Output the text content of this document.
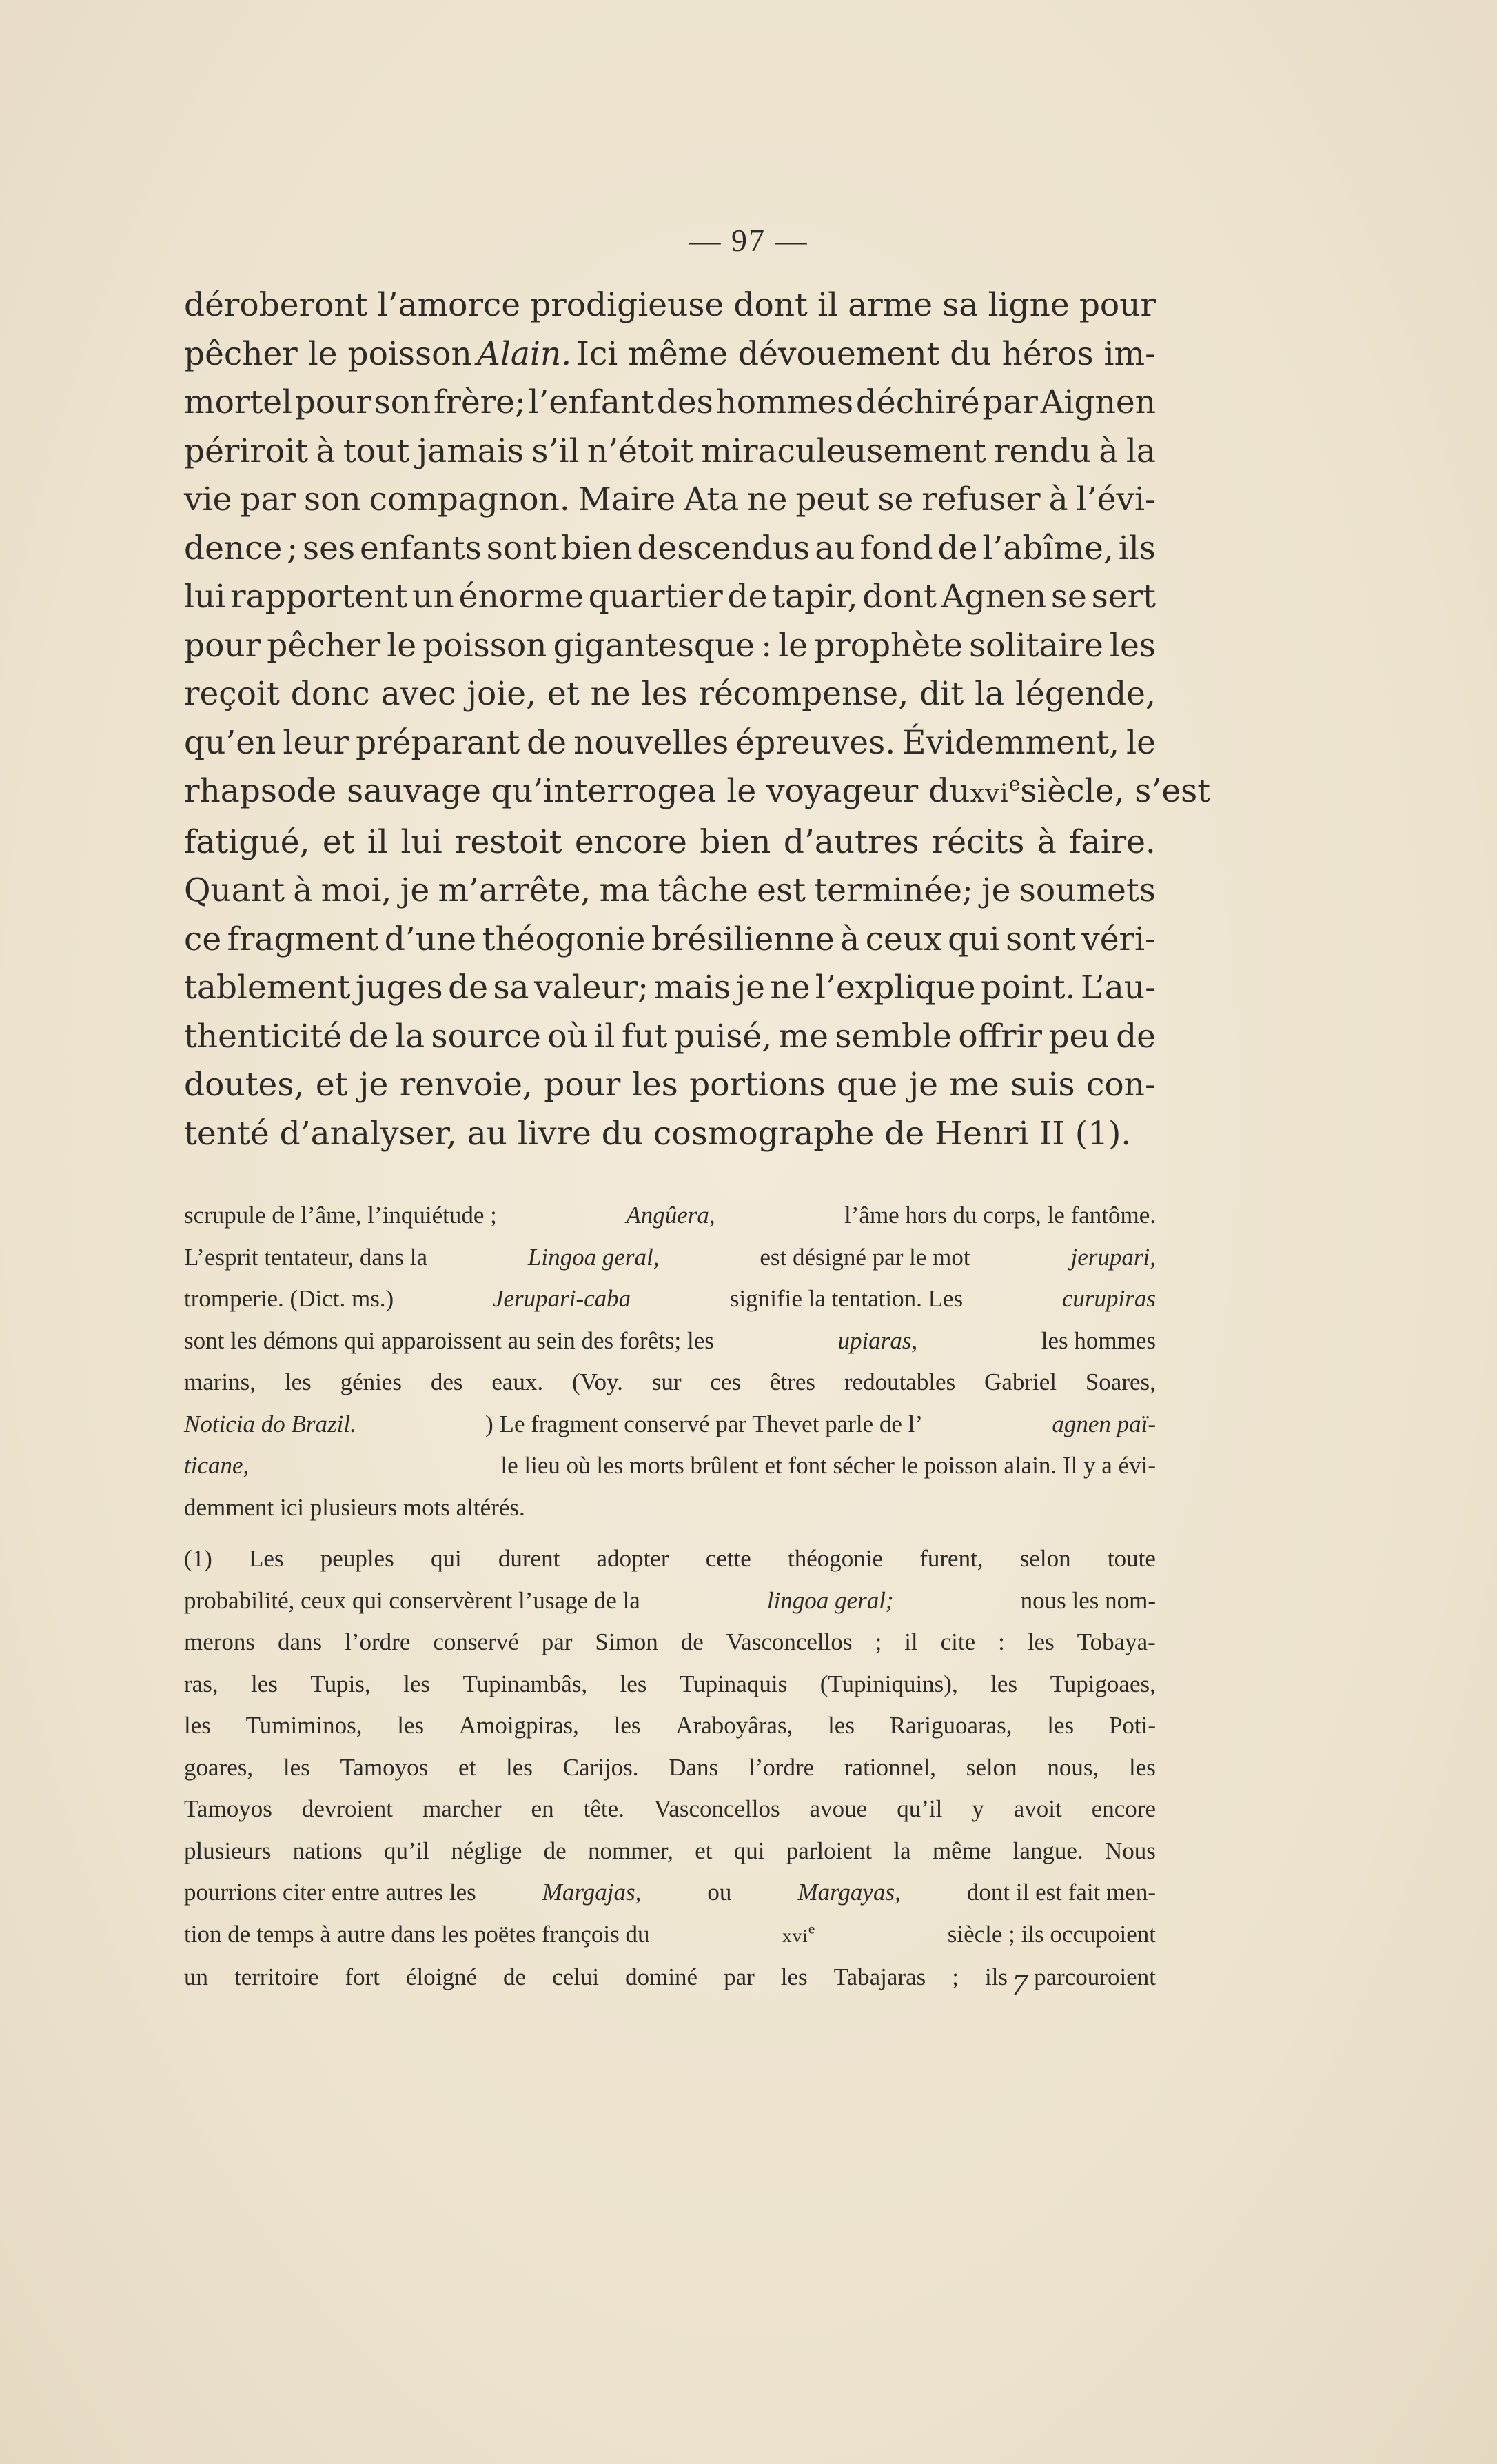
— 97 —
déroberont l’amorce prodigieuse dont il arme sa ligne pour
pêcher le poisson Alain. Ici même dévouement du héros im-
mortel pour son frère; l’enfant des hommes déchiré par Aignen
périroit à tout jamais s’il n’étoit miraculeusement rendu à la
vie par son compagnon. Maire Ata ne peut se refuser à l’évi-
dence ; ses enfants sont bien descendus au fond de l’abîme, ils
lui rapportent un énorme quartier de tapir, dont Agnen se sert
pour pêcher le poisson gigantesque : le prophète solitaire les
reçoit donc avec joie, et ne les récompense, dit la légende,
qu’en leur préparant de nouvelles épreuves. Évidemment, le
rhapsode sauvage qu’interrogea le voyageur du xvi$^e$ siècle, s’est
fatigué, et il lui restoit encore bien d’autres récits à faire.
Quant à moi, je m’arrête, ma tâche est terminée; je soumets
ce fragment d’une théogonie brésilienne à ceux qui sont véri-
tablement juges de sa valeur; mais je ne l’explique point. L’au-
thenticité de la source où il fut puisé, me semble offrir peu de
doutes, et je renvoie, pour les portions que je me suis con-
tenté d’analyser, au livre du cosmographe de Henri II (1).
scrupule de l’âme, l’inquiétude ;	Angûera,	l’âme hors du corps, le fantôme.
L’esprit tentateur, dans la	Lingoa geral,	est désigné par le mot	jerupari,
tromperie. (Dict. ms.)	Jerupari-caba	signifie la tentation. Les	curupiras
sont les démons qui apparoissent au sein des forêts; les	upiaras,	les hommes
marins, les génies des eaux. (Voy. sur ces êtres redoutables Gabriel Soares,
Noticia do Brazil.	) Le fragment conservé par Thevet parle de l’	agnen paï-
ticane,	le lieu où les morts brûlent et font sécher le poisson alain. Il y a évi-
demment ici plusieurs mots altérés.
(1) Les peuples qui durent adopter cette théogonie furent, selon toute
probabilité, ceux qui conservèrent l’usage de la	lingoa geral;	nous les nom-
merons dans l’ordre conservé par Simon de Vasconcellos ; il cite : les Tobaya-
ras, les Tupis, les Tupinambâs, les Tupinaquis (Tupiniquins), les Tupigoaes,
les Tumiminos, les Amoigpiras, les Araboyâras, les Rariguoaras, les Poti-
goares, les Tamoyos et les Carijos. Dans l’ordre rationnel, selon nous, les
Tamoyos devroient marcher en tête. Vasconcellos avoue qu’il y avoit encore
plusieurs nations qu’il néglige de nommer, et qui parloient la même langue. Nous
pourrions citer entre autres les	Margajas,	ou	Margayas,	dont il est fait men-
tion de temps à autre dans les poëtes françois du	xvi$^e$	siècle ; ils occupoient
un territoire fort éloigné de celui dominé par les Tabajaras ; ils parcouroient
7
